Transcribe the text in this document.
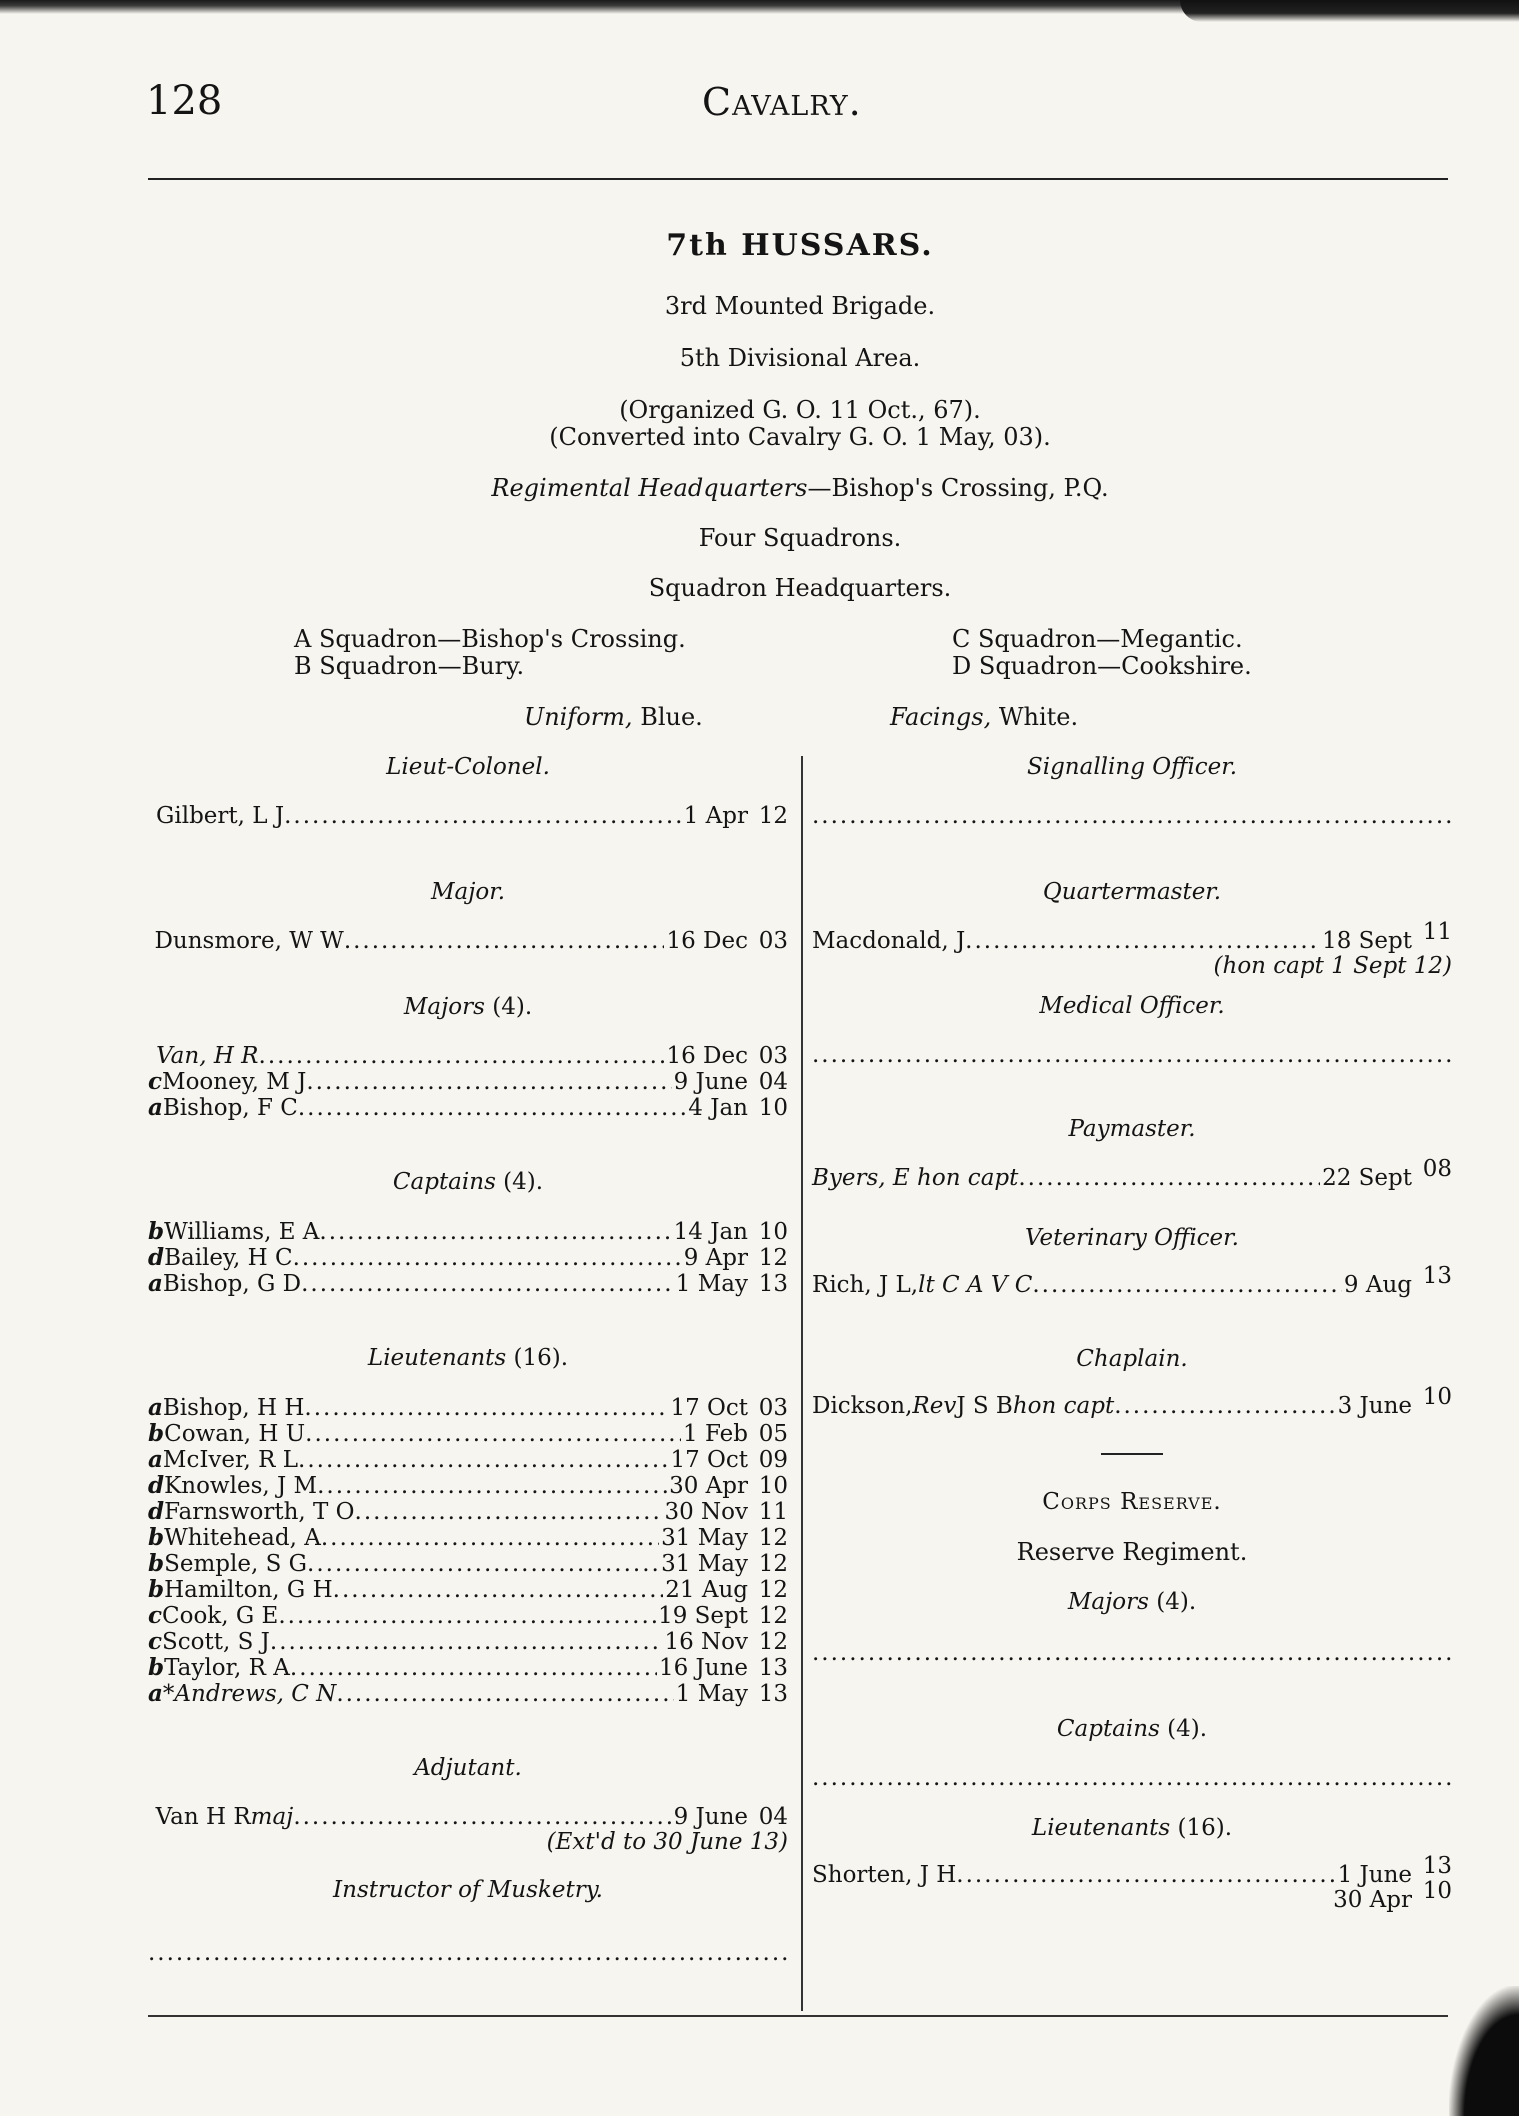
128	Cavalry.
7th HUSSARS.
3rd Mounted Brigade.
5th Divisional Area.
(Organized G. O. 11 Oct., 67).
(Converted into Cavalry G. O. 1 May, 03).
Regimental Headquarters—Bishop's Crossing, P.Q.
Four Squadrons.
Squadron Headquarters.
A Squadron—Bishop's Crossing.
B Squadron—Bury.
C Squadron—Megantic.
D Squadron—Cookshire.
Uniform, Blue.	Facings, White.
Lieut-Colonel.
Gilbert, L J .....	1 Apr 12
Major.
Dunsmore, W W .....	16 Dec 03
Majors (4).
Van, H R .....	16 Dec 03
c Mooney, M J .....	9 June 04
a Bishop, F C .....	4 Jan 10
Captains (4).
b Williams, E A .....	14 Jan 10
d Bailey, H C .....	9 Apr 12
a Bishop, G D .....	1 May 13
Lieutenants (16).
a Bishop, H H .....	17 Oct 03
b Cowan, H U .....	1 Feb 05
a McIver, R L .....	17 Oct 09
d Knowles, J M .....	30 Apr 10
d Farnsworth, T O .....	30 Nov 11
b Whitehead, A .....	31 May 12
b Semple, S G .....	31 May 12
b Hamilton, G H .....	21 Aug 12
c Cook, G E .....	19 Sept 12
c Scott, S J .....	16 Nov 12
b Taylor, R A .....	16 June 13
a *Andrews, C N .....	1 May 13
Adjutant.
Van H R maj .....	9 June 04
(Ext'd to 30 June 13)
Instructor of Musketry.
.....
Signalling Officer.
.....
Quartermaster.
Macdonald, J .....	18 Sept 11
(hon capt 1 Sept 12)
Medical Officer.
.....
Paymaster.
Byers, E hon capt .....	22 Sept 08
Veterinary Officer.
Rich, J L, lt C A V C .....	9 Aug 13
Chaplain.
Dickson, Rev J S B hon capt .....	3 June 10
Corps Reserve.
Reserve Regiment.
Majors (4).
.....
Captains (4).
.....
Lieutenants (16).
Shorten, J H .....	1 June 13
30 Apr 10
